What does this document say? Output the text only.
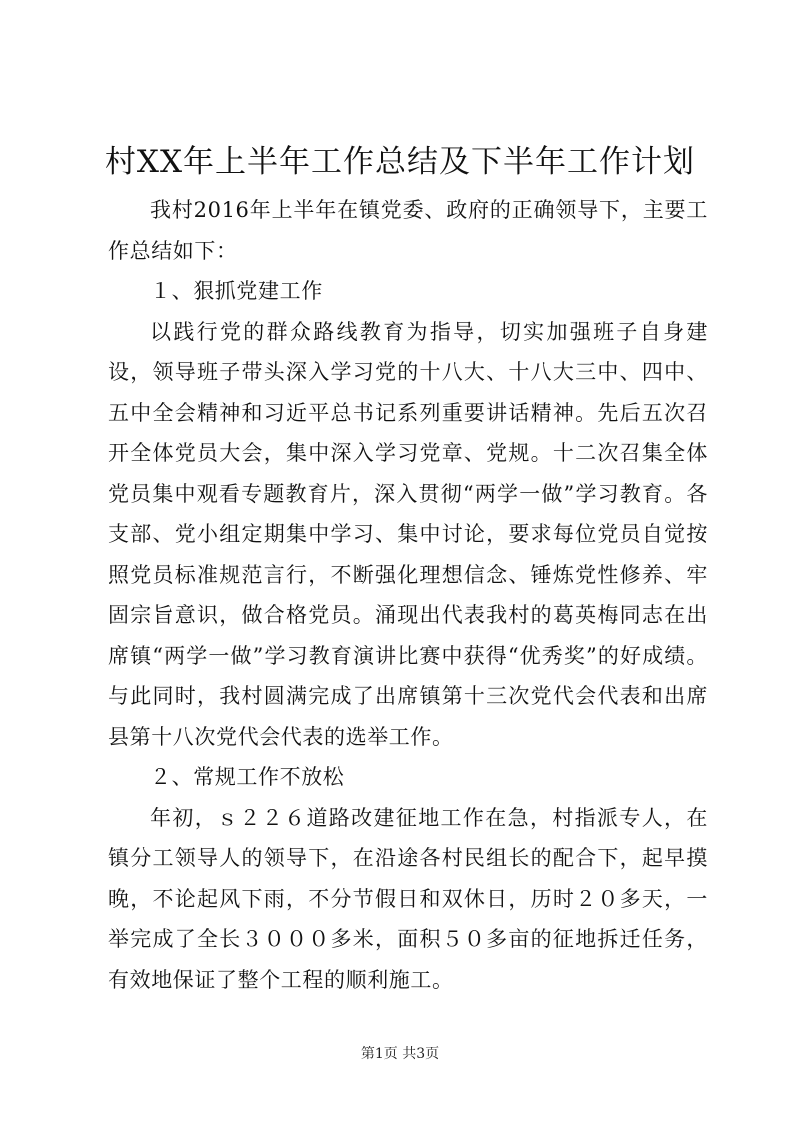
村XX年上半年工作总结及下半年工作计划

我村2016年上半年在镇党委、政府的正确领导下，主要工作总结如下：

１、狠抓党建工作

以践行党的群众路线教育为指导，切实加强班子自身建设，领导班子带头深入学习党的十八大、十八大三中、四中、五中全会精神和习近平总书记系列重要讲话精神。先后五次召开全体党员大会，集中深入学习党章、党规。十二次召集全体党员集中观看专题教育片，深入贯彻“两学一做”学习教育。各支部、党小组定期集中学习、集中讨论，要求每位党员自觉按照党员标准规范言行，不断强化理想信念、锤炼党性修养、牢固宗旨意识，做合格党员。涌现出代表我村的葛英梅同志在出席镇“两学一做”学习教育演讲比赛中获得“优秀奖”的好成绩。与此同时，我村圆满完成了出席镇第十三次党代会代表和出席县第十八次党代会代表的选举工作。

２、常规工作不放松

年初，ｓ２２６道路改建征地工作在急，村指派专人，在镇分工领导人的领导下，在沿途各村民组长的配合下，起早摸晚，不论起风下雨，不分节假日和双休日，历时２０多天，一举完成了全长３０００多米，面积５０多亩的征地拆迁任务，有效地保证了整个工程的顺利施工。

第1页 共3页
